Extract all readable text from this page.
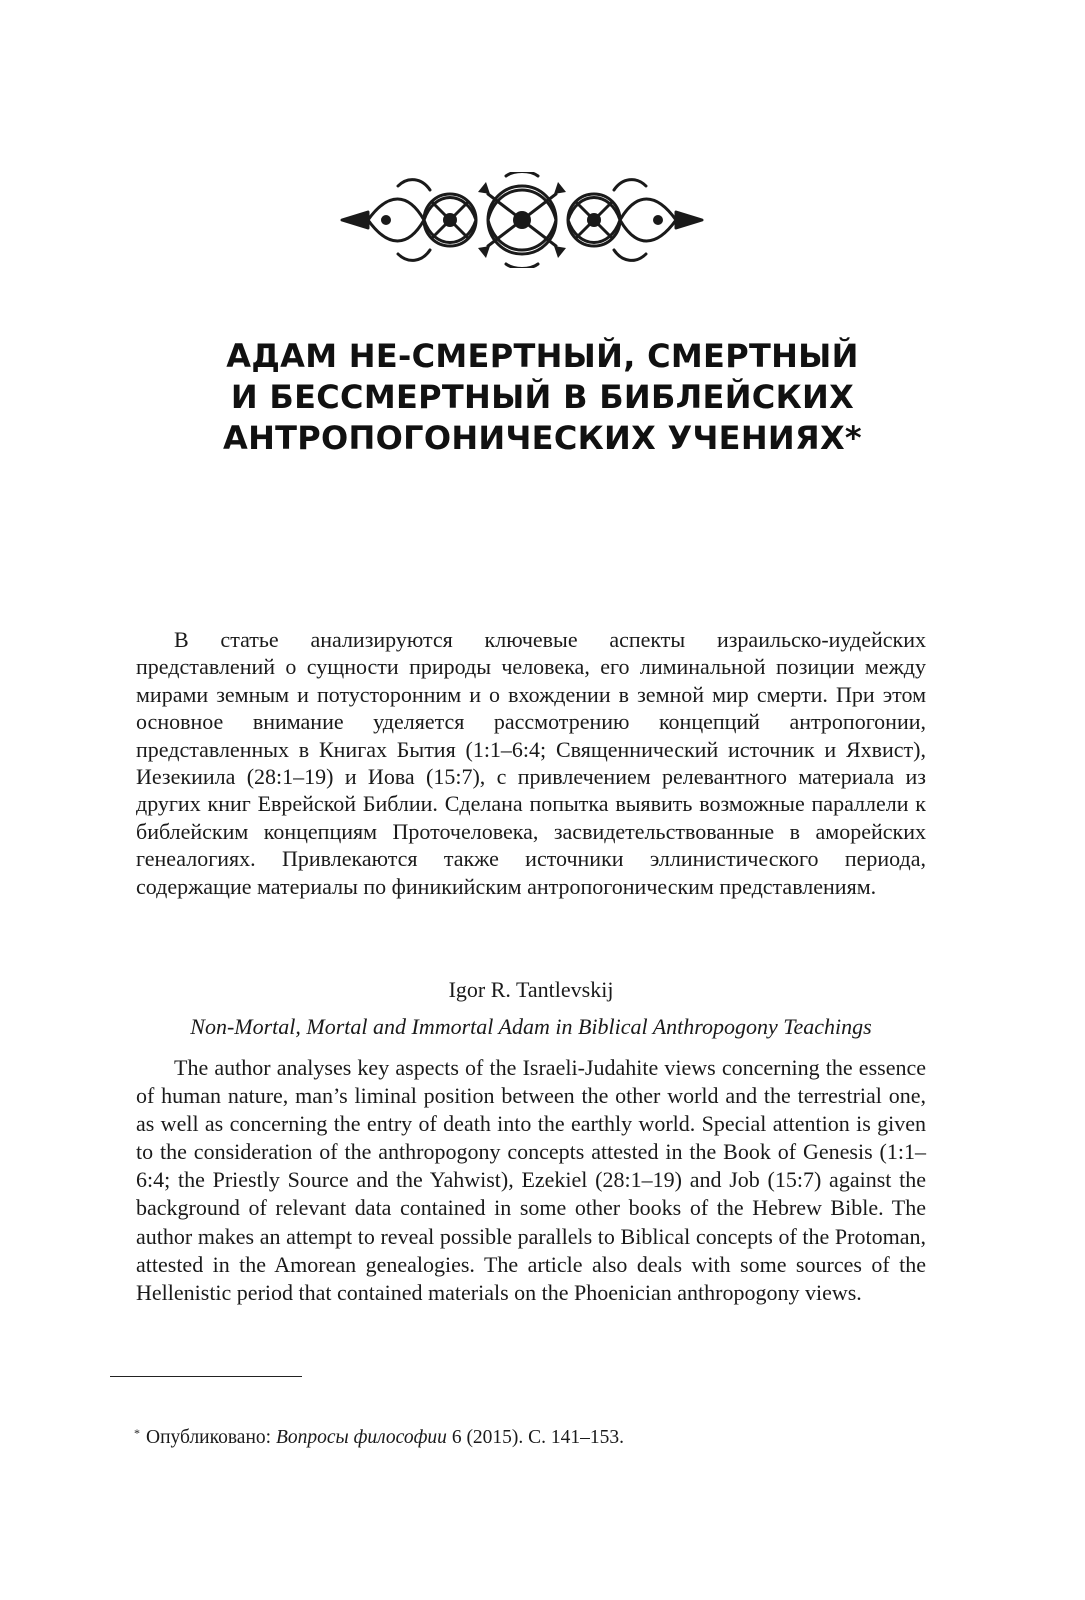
АДАМ НЕ-СМЕРТНЫЙ, СМЕРТНЫЙ
И БЕССМЕРТНЫЙ В БИБЛЕЙСКИХ
АНТРОПОГОНИЧЕСКИХ УЧЕНИЯХ*

В статье анализируются ключевые аспекты израильско-иудейских представлений о сущности природы человека, его лиминальной позиции между мирами земным и потусторонним и о вхождении в земной мир смерти. При этом основное внимание уделяется рассмотрению концепций антропогонии, представленных в Книгах Бытия (1:1–6:4; Священнический источник и Яхвист), Иезекиила (28:1–19) и Иова (15:7), с привлечением релевантного материала из других книг Еврейской Библии. Сделана попытка выявить возможные параллели к библейским концепциям Проточеловека, засвидетельствованные в аморейских генеалогиях. Привлекаются также источники эллинистического периода, содержащие материалы по финикийским антропогоническим представлениям.

Igor R. Tantlevskij

Non-Mortal, Mortal and Immortal Adam in Biblical Anthropogony Teachings

The author analyses key aspects of the Israeli-Judahite views concerning the essence of human nature, man’s liminal position between the other world and the terrestrial one, as well as concerning the entry of death into the earthly world. Special attention is given to the consideration of the anthropogony concepts attested in the Book of Genesis (1:1–6:4; the Priestly Source and the Yahwist), Ezekiel (28:1–19) and Job (15:7) against the background of relevant data contained in some other books of the Hebrew Bible. The author makes an attempt to reveal possible parallels to Biblical concepts of the Protoman, attested in the Amorean genealogies. The article also deals with some sources of the Hellenistic period that contained materials on the Phoenician anthropogony views.

* Опубликовано: Вопросы философии 6 (2015). С. 141–153.
